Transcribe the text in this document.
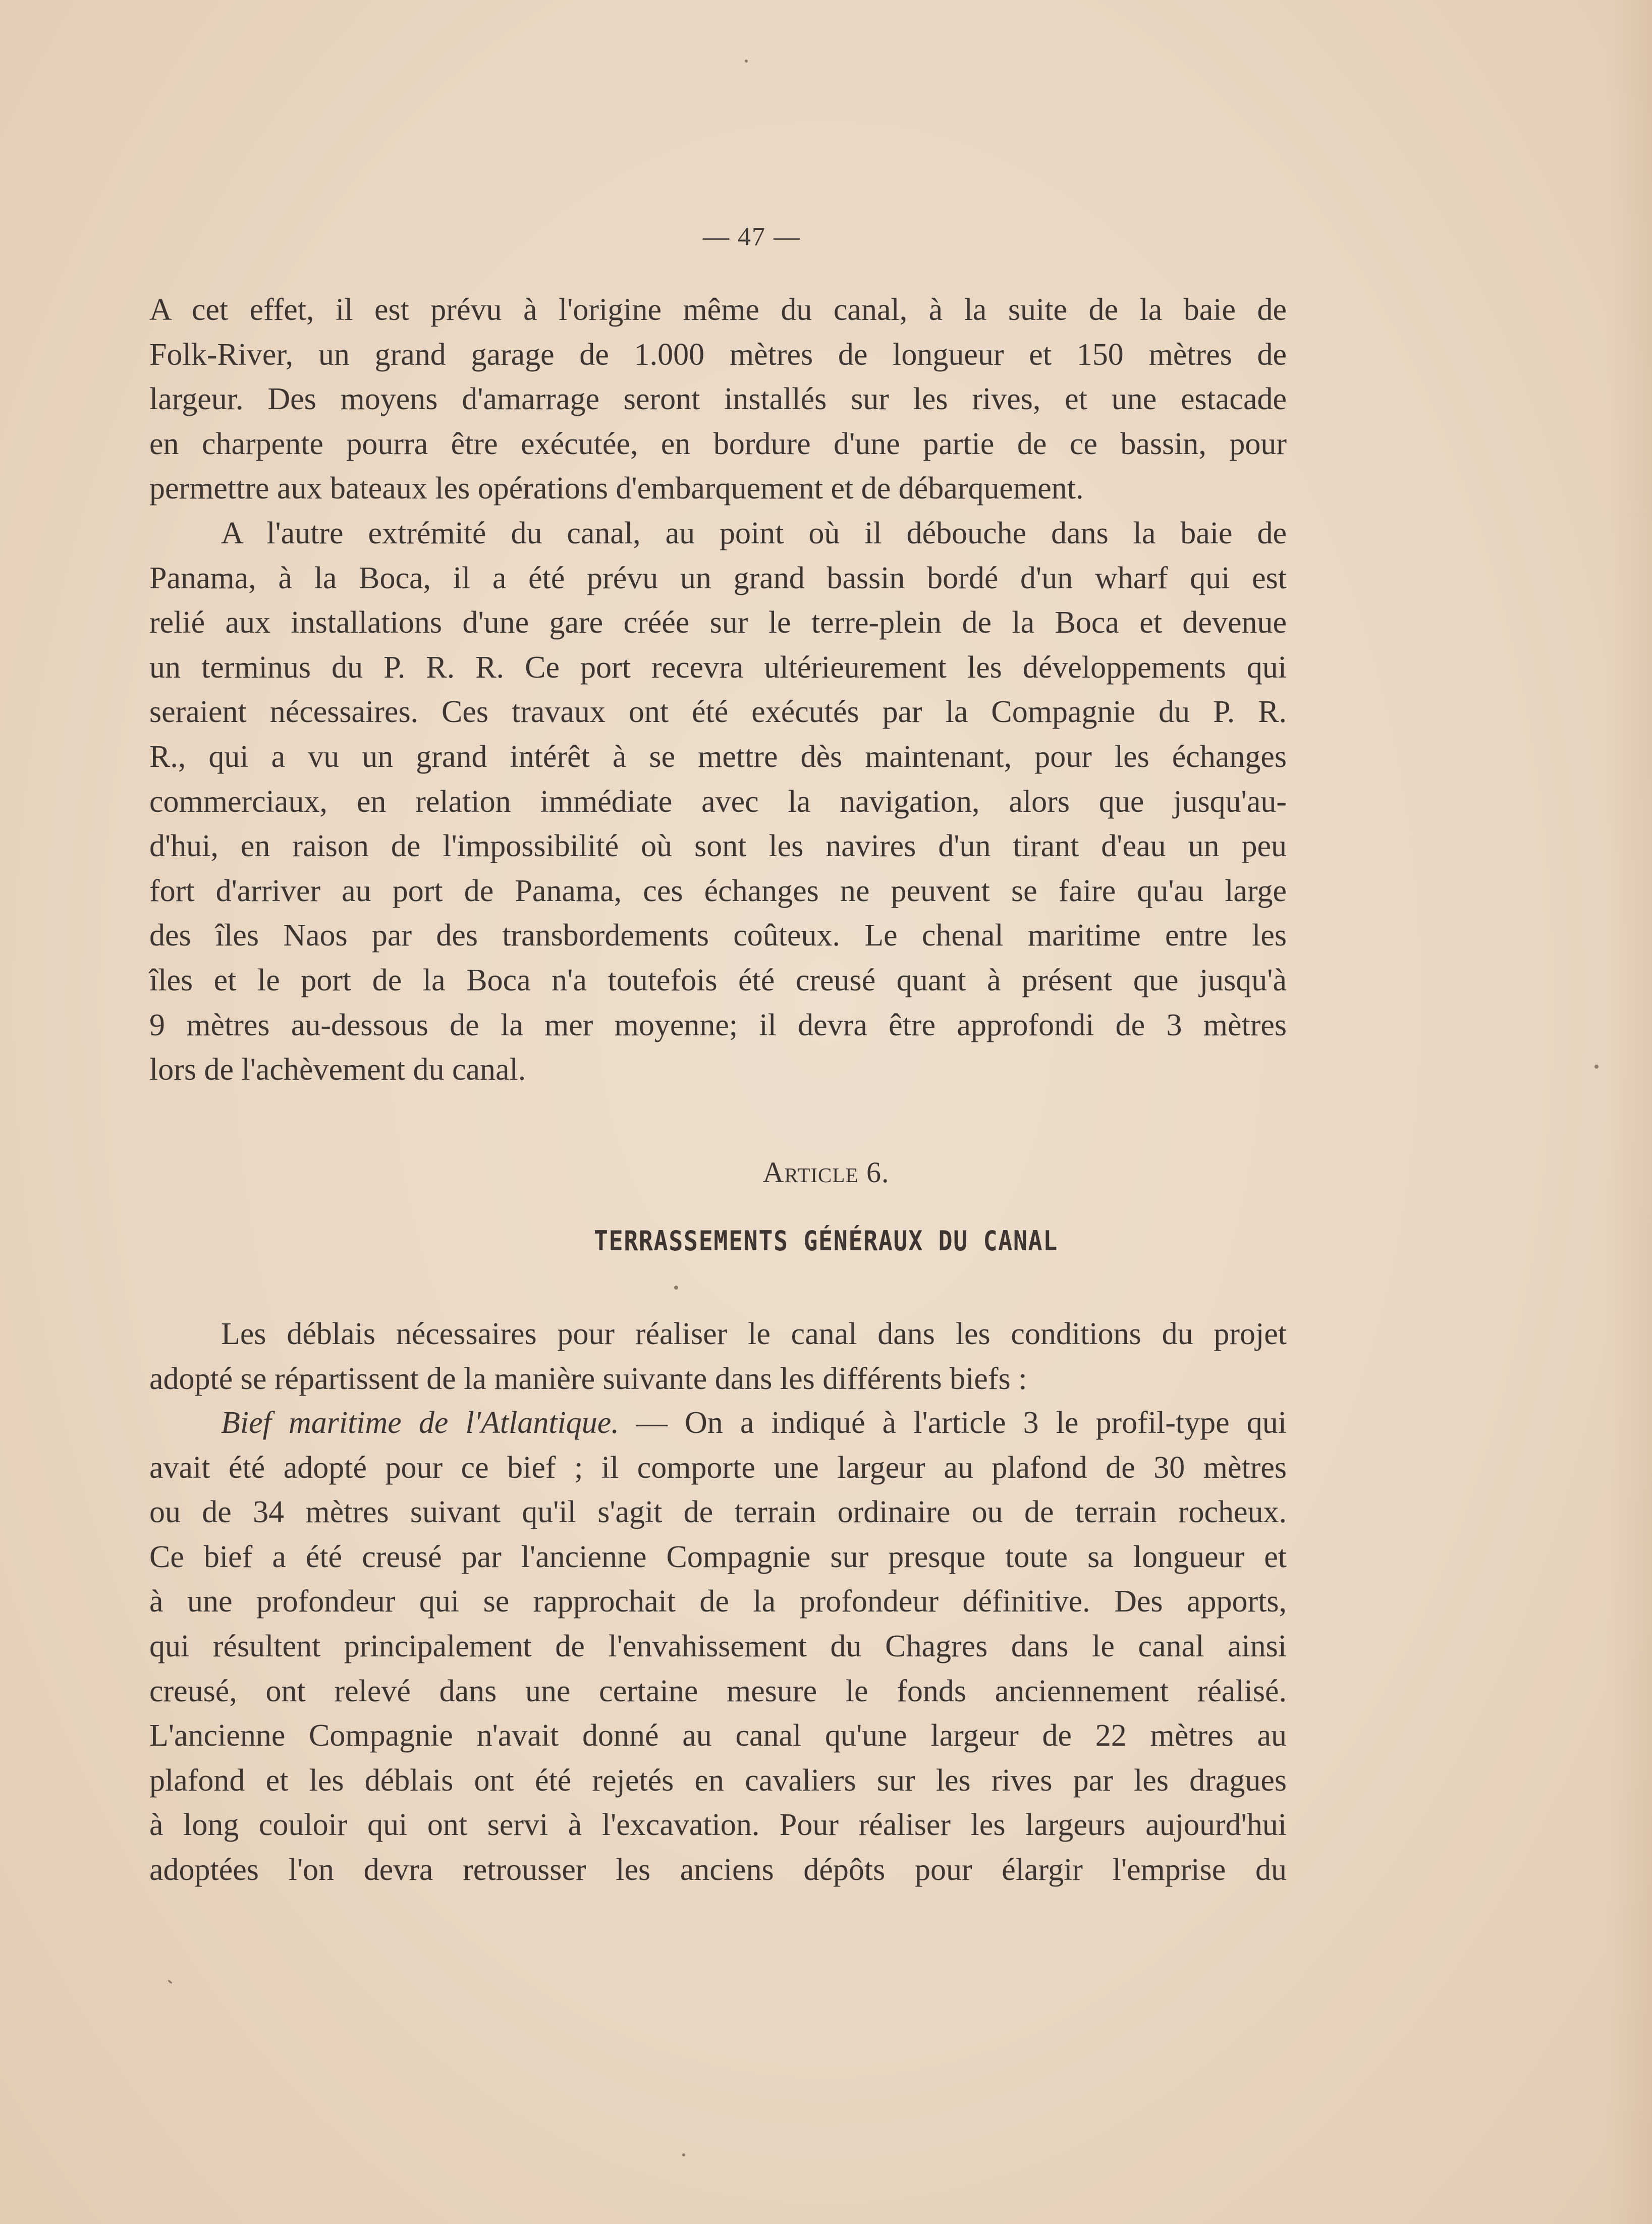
— 47 —

A cet effet, il est prévu à l'origine même du canal, à la suite de la baie de
Folk-River, un grand garage de 1.000 mètres de longueur et 150 mètres de
largeur. Des moyens d'amarrage seront installés sur les rives, et une estacade
en charpente pourra être exécutée, en bordure d'une partie de ce bassin, pour
permettre aux bateaux les opérations d'embarquement et de débarquement.

A l'autre extrémité du canal, au point où il débouche dans la baie de
Panama, à la Boca, il a été prévu un grand bassin bordé d'un wharf qui est
relié aux installations d'une gare créée sur le terre-plein de la Boca et devenue
un terminus du P. R. R. Ce port recevra ultérieurement les développements qui
seraient nécessaires. Ces travaux ont été exécutés par la Compagnie du P. R.
R., qui a vu un grand intérêt à se mettre dès maintenant, pour les échanges
commerciaux, en relation immédiate avec la navigation, alors que jusqu'au-
d'hui, en raison de l'impossibilité où sont les navires d'un tirant d'eau un peu
fort d'arriver au port de Panama, ces échanges ne peuvent se faire qu'au large
des îles Naos par des transbordements coûteux. Le chenal maritime entre les
îles et le port de la Boca n'a toutefois été creusé quant à présent que jusqu'à
9 mètres au-dessous de la mer moyenne; il devra être approfondi de 3 mètres
lors de l'achèvement du canal.

Article 6.
TERRASSEMENTS GÉNÉRAUX DU CANAL

Les déblais nécessaires pour réaliser le canal dans les conditions du projet
adopté se répartissent de la manière suivante dans les différents biefs :

Bief maritime de l'Atlantique. — On a indiqué à l'article 3 le profil-type qui
avait été adopté pour ce bief ; il comporte une largeur au plafond de 30 mètres
ou de 34 mètres suivant qu'il s'agit de terrain ordinaire ou de terrain rocheux.
Ce bief a été creusé par l'ancienne Compagnie sur presque toute sa longueur et
à une profondeur qui se rapprochait de la profondeur définitive. Des apports,
qui résultent principalement de l'envahissement du Chagres dans le canal ainsi
creusé, ont relevé dans une certaine mesure le fonds anciennement réalisé.
L'ancienne Compagnie n'avait donné au canal qu'une largeur de 22 mètres au
plafond et les déblais ont été rejetés en cavaliers sur les rives par les dragues
à long couloir qui ont servi à l'excavation. Pour réaliser les largeurs aujourd'hui
adoptées l'on devra retrousser les anciens dépôts pour élargir l'emprise du
